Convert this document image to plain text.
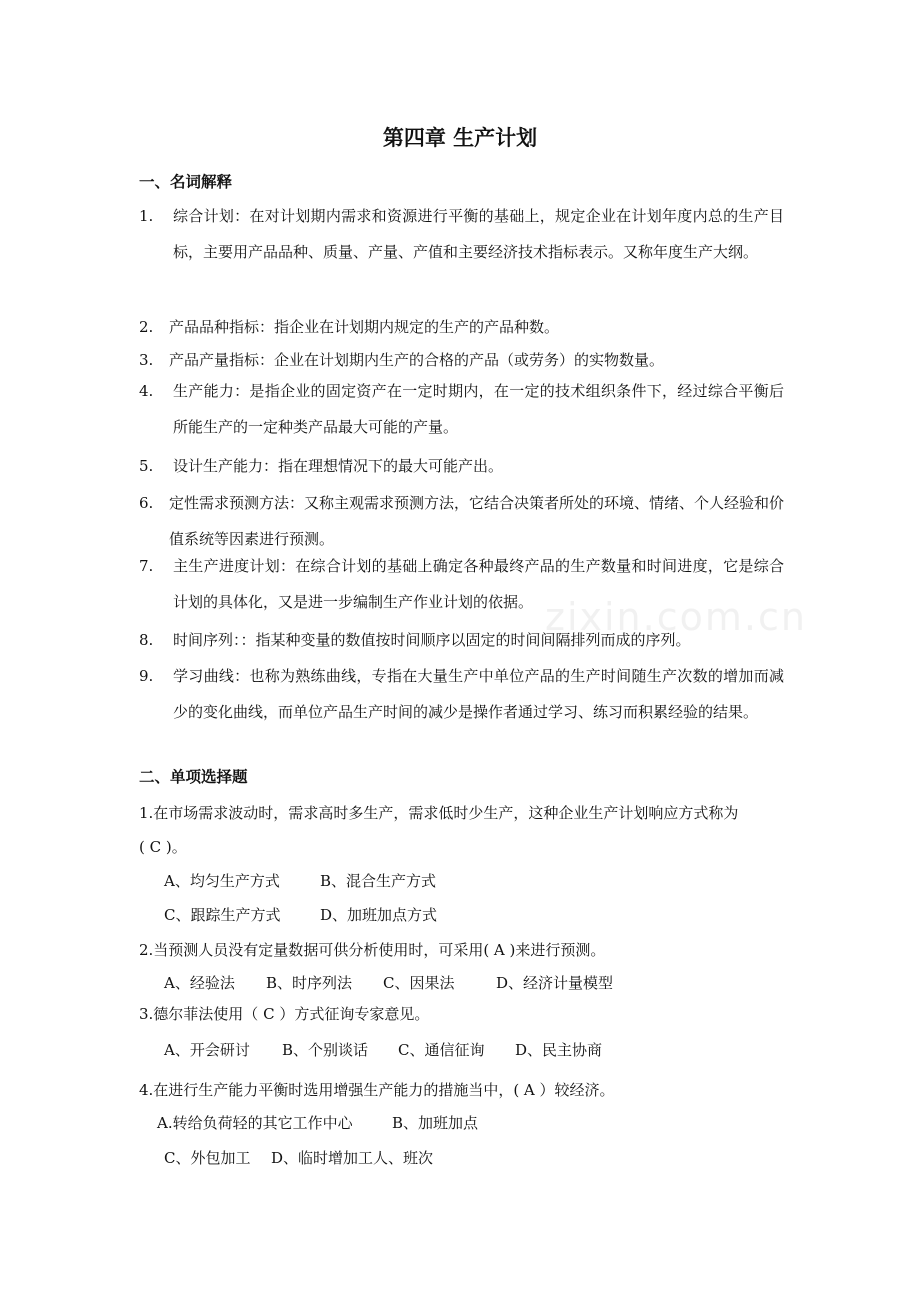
第四章 生产计划
一、名词解释
1. 综合计划：在对计划期内需求和资源进行平衡的基础上，规定企业在计划年度内总的生产目标，主要用产品品种、质量、产量、产值和主要经济技术指标表示。又称年度生产大纲。
2. 产品品种指标：指企业在计划期内规定的生产的产品种数。
3. 产品产量指标：企业在计划期内生产的合格的产品（或劳务）的实物数量。
4. 生产能力：是指企业的固定资产在一定时期内，在一定的技术组织条件下，经过综合平衡后所能生产的一定种类产品最大可能的产量。
5. 设计生产能力：指在理想情况下的最大可能产出。
6. 定性需求预测方法：又称主观需求预测方法，它结合决策者所处的环境、情绪、个人经验和价值系统等因素进行预测。
7. 主生产进度计划：在综合计划的基础上确定各种最终产品的生产数量和时间进度，它是综合计划的具体化，又是进一步编制生产作业计划的依据。
8. 时间序列：：指某种变量的数值按时间顺序以固定的时间间隔排列而成的序列。
9. 学习曲线：也称为熟练曲线，专指在大量生产中单位产品的生产时间随生产次数的增加而减少的变化曲线，而单位产品生产时间的减少是操作者通过学习、练习而积累经验的结果。
二、单项选择题
1.在市场需求波动时，需求高时多生产，需求低时少生产，这种企业生产计划响应方式称为
( C )。
A、均匀生产方式	B、混合生产方式
C、跟踪生产方式	D、加班加点方式
2.当预测人员没有定量数据可供分析使用时，可采用( A )来进行预测。
A、经验法 B、时序列法 C、因果法	D、经济计量模型
3.德尔菲法使用（ C ）方式征询专家意见。
A、开会研讨 B、个别谈话 C、通信征询 D、民主协商
4.在进行生产能力平衡时选用增强生产能力的措施当中，( A ）较经济。
A.转给负荷轻的其它工作中心	B、加班加点
C、外包加工 D、临时增加工人、班次
zixin.com.cn
